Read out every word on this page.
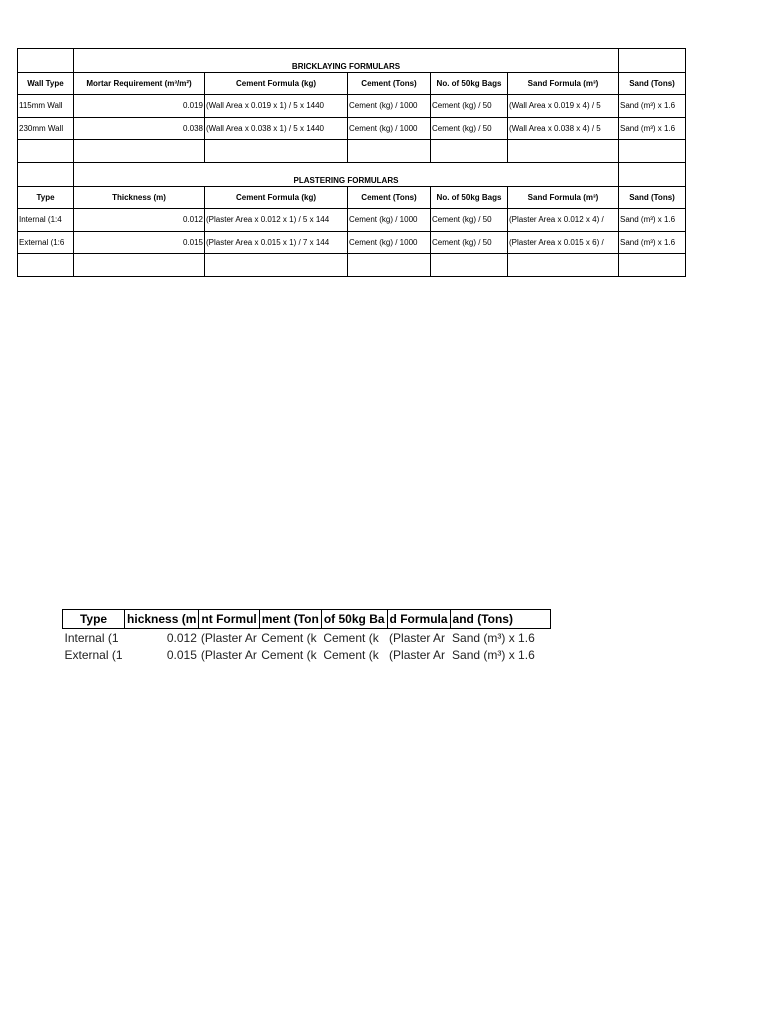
	BRICKLAYING FORMULARS					
Wall Type	Mortar Requirement (m³/m²)	Cement Formula (kg)	Cement (Tons)	No. of 50kg Bags	Sand Formula (m³)	Sand (Tons)
115mm Wall	0.019	(Wall Area x 0.019 x 1) / 5 x 1440	Cement (kg) / 1000	Cement (kg) / 50	(Wall Area x 0.019 x 4) / 5	Sand (m³) x 1.6
230mm Wall	0.038	(Wall Area x 0.038 x 1) / 5 x 1440	Cement (kg) / 1000	Cement (kg) / 50	(Wall Area x 0.038 x 4) / 5	Sand (m³) x 1.6

	PLASTERING FORMULARS					
Type	Thickness (m)	Cement Formula (kg)	Cement (Tons)	No. of 50kg Bags	Sand Formula (m³)	Sand (Tons)
Internal (1:4	0.012	(Plaster Area x 0.012 x 1) / 5 x 144	Cement (kg) / 1000	Cement (kg) / 50	(Plaster Area x 0.012 x 4) /	Sand (m³) x 1.6
External (1:6	0.015	(Plaster Area x 0.015 x 1) / 7 x 144	Cement (kg) / 1000	Cement (kg) / 50	(Plaster Area x 0.015 x 6) /	Sand (m³) x 1.6

Type	hickness (m	nt Formul	ment (Ton	of 50kg Ba	d Formula	and (Tons)
Internal (1	0.012	(Plaster Ar	Cement (k	Cement (k	(Plaster Ar	Sand (m³) x 1.6
External (1	0.015	(Plaster Ar	Cement (k	Cement (k	(Plaster Ar	Sand (m³) x 1.6
